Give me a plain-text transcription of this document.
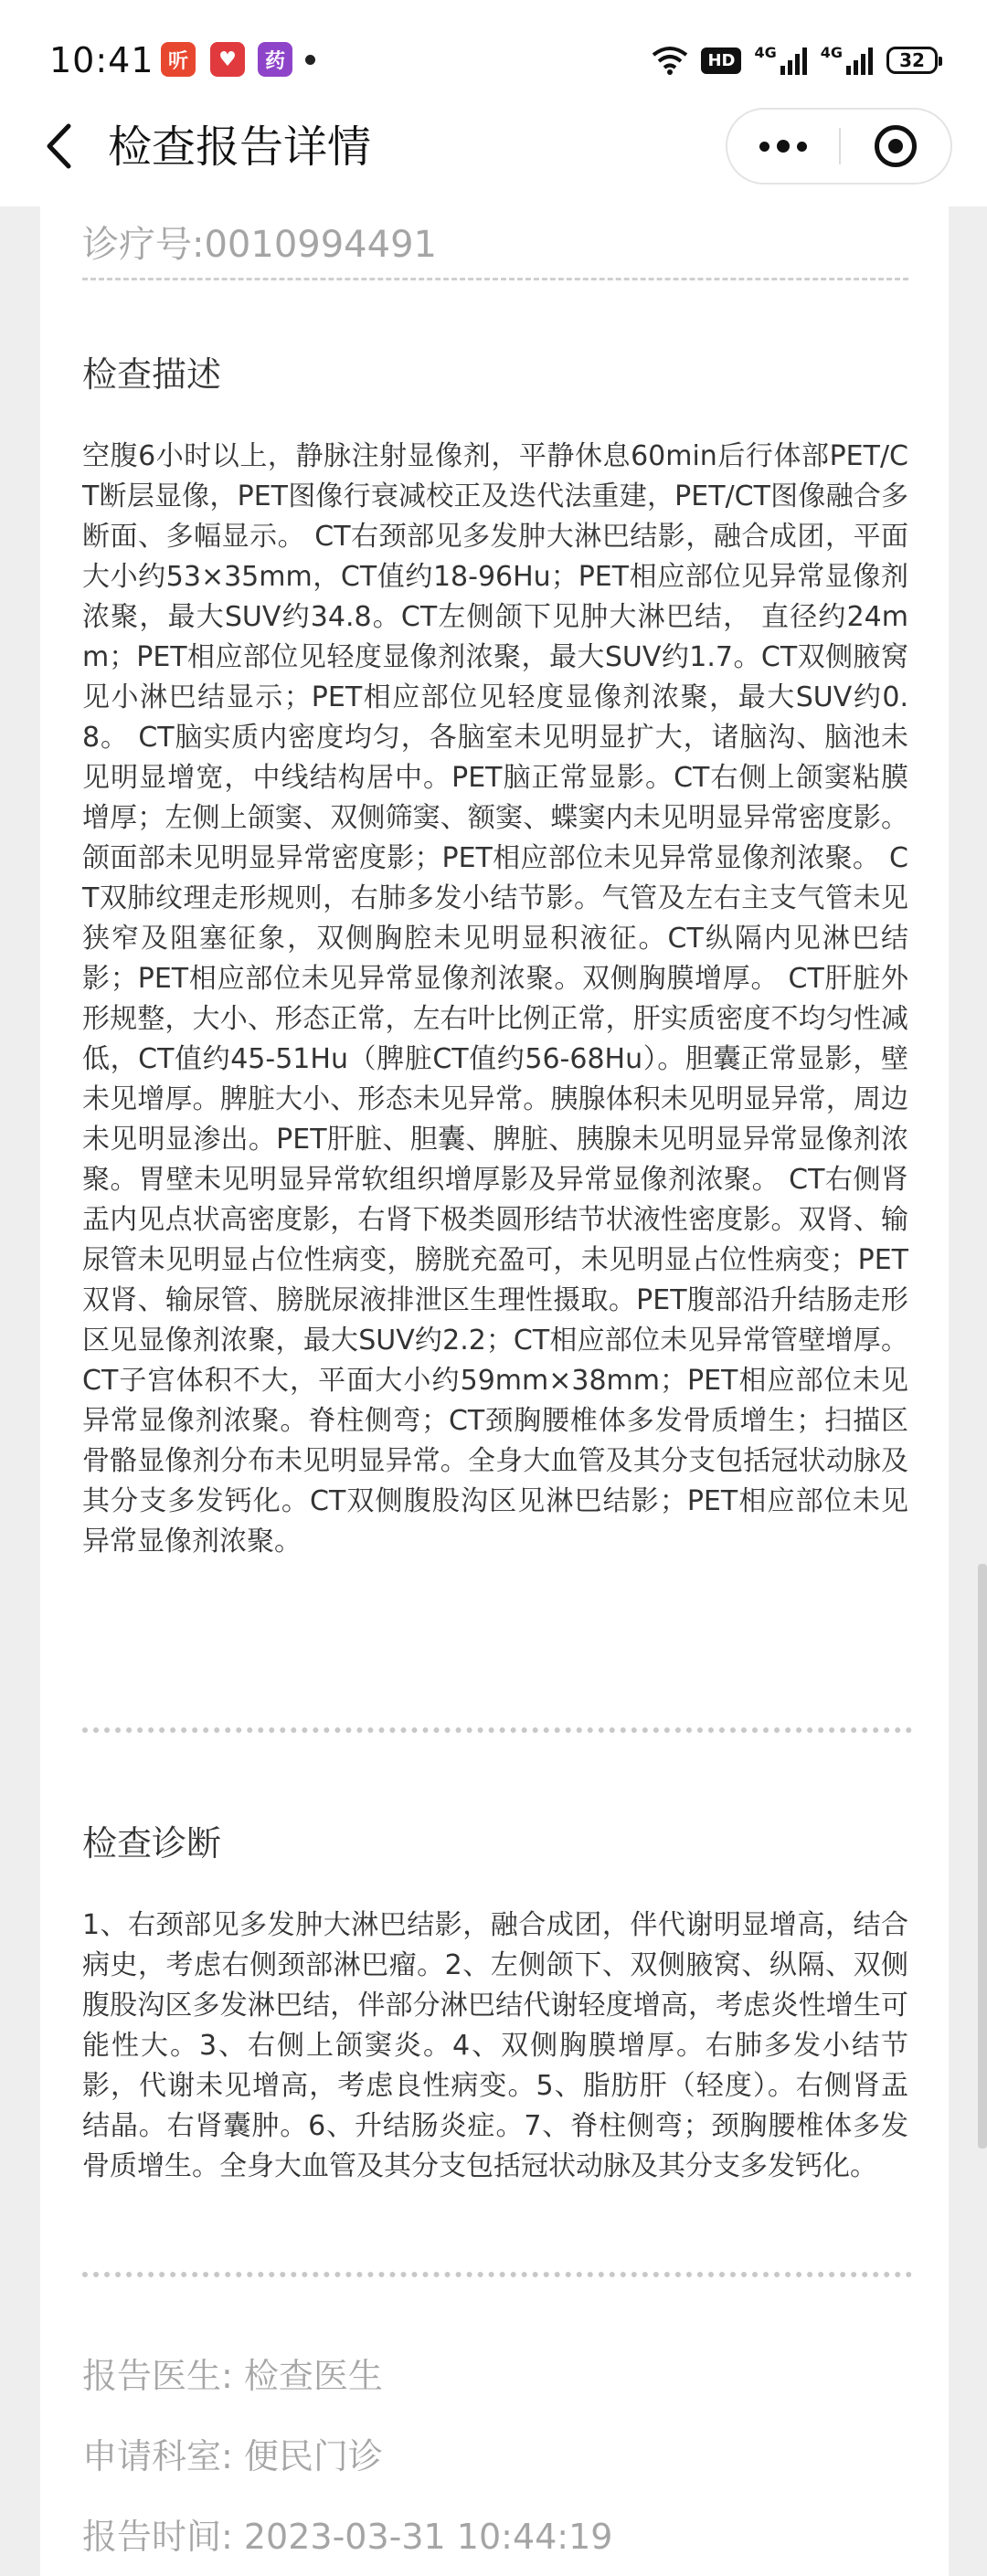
10:41 听	♥	药	HD	4G	4G	32
检查报告详情
诊疗号:0010994491
检查描述
空腹6小时以上，静脉注射显像剂，平静休息60min后行体部PET/CT断层显像，PET图像行衰减校正及迭代法重建，PET/CT图像融合多断面、多幅显示。 CT右颈部见多发肿大淋巴结影，融合成团，平面大小约53×35mm，CT值约18-96Hu；PET相应部位见异常显像剂浓聚，最大SUV约34.8。CT左侧颌下见肿大淋巴结， 直径约24mm；PET相应部位见轻度显像剂浓聚，最大SUV约1.7。CT双侧腋窝见小淋巴结显示；PET相应部位见轻度显像剂浓聚，最大SUV约0.8。 CT脑实质内密度均匀，各脑室未见明显扩大，诸脑沟、脑池未见明显增宽，中线结构居中。PET脑正常显影。CT右侧上颌窦粘膜增厚；左侧上颌窦、双侧筛窦、额窦、蝶窦内未见明显异常密度影。颌面部未见明显异常密度影；PET相应部位未见异常显像剂浓聚。 CT双肺纹理走形规则，右肺多发小结节影。气管及左右主支气管未见狭窄及阻塞征象，双侧胸腔未见明显积液征。CT纵隔内见淋巴结影；PET相应部位未见异常显像剂浓聚。双侧胸膜增厚。 CT肝脏外形规整，大小、形态正常，左右叶比例正常，肝实质密度不均匀性减低，CT值约45-51Hu（脾脏CT值约56-68Hu）。胆囊正常显影，壁未见增厚。脾脏大小、形态未见异常。胰腺体积未见明显异常，周边未见明显渗出。PET肝脏、胆囊、脾脏、胰腺未见明显异常显像剂浓聚。胃壁未见明显异常软组织增厚影及异常显像剂浓聚。 CT右侧肾盂内见点状高密度影，右肾下极类圆形结节状液性密度影。双肾、输尿管未见明显占位性病变，膀胱充盈可，未见明显占位性病变；PET双肾、输尿管、膀胱尿液排泄区生理性摄取。PET腹部沿升结肠走形区见显像剂浓聚，最大SUV约2.2；CT相应部位未见异常管壁增厚。CT子宫体积不大，平面大小约59mm×38mm；PET相应部位未见异常显像剂浓聚。脊柱侧弯；CT颈胸腰椎体多发骨质增生；扫描区骨骼显像剂分布未见明显异常。全身大血管及其分支包括冠状动脉及其分支多发钙化。CT双侧腹股沟区见淋巴结影；PET相应部位未见异常显像剂浓聚。
检查诊断
1、右颈部见多发肿大淋巴结影，融合成团，伴代谢明显增高，结合病史，考虑右侧颈部淋巴瘤。2、左侧颌下、双侧腋窝、纵隔、双侧腹股沟区多发淋巴结，伴部分淋巴结代谢轻度增高，考虑炎性增生可能性大。3、右侧上颌窦炎。4、双侧胸膜增厚。右肺多发小结节影，代谢未见增高，考虑良性病变。5、脂肪肝（轻度）。右侧肾盂结晶。右肾囊肿。6、升结肠炎症。7、脊柱侧弯；颈胸腰椎体多发骨质增生。全身大血管及其分支包括冠状动脉及其分支多发钙化。
报告医生: 检查医生
申请科室: 便民门诊
报告时间: 2023-03-31 10:44:19
